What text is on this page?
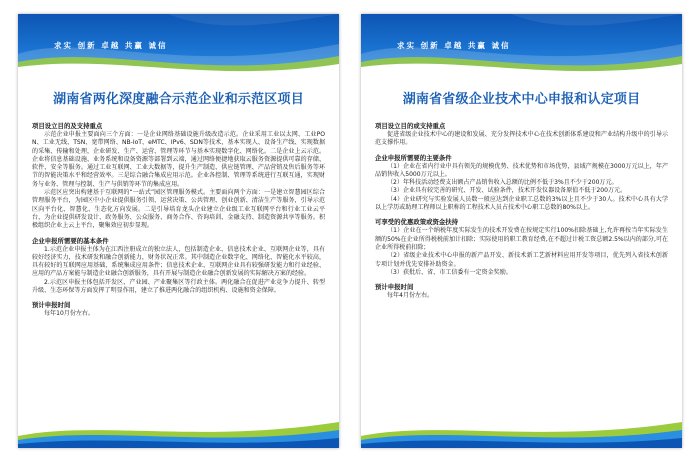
求实 创新 卓越 共赢 诚信
湖南省两化深度融合示范企业和示范区项目
项目设立目的及支持重点

示范企业申报主要面向三个方面：一是企业网络基础设施升级改造示范。企业采用工业以太网、工业PON、工业无线、TSN、宽带网络、NB-IoT、eMTC、IPv6、SDN等技术，基本实现人、设备生产线、实现数据的采集、传输和处理，企业研发、生产、运营、管理等环节与基本实现数字化、网络化。二是企业上云示范。企业将信息基础设施、业务系统和设备资源等部署到云端，通过网络便捷地获取云服务资源提供可靠的存储、软件、安全等服务。通过工业互联网、工业大数据等，提升生产制造、供应链管理、产品营销及售后服务等环节的智能决策水平和经营效率。三是综合融合集成应用示范。企业各控制、管理等系统进行互联互通，实现财务与业务、管理与控制、生产与供销等环节的集成应用。

示范区应突出构建基于互联网的“一站式”园区管理服务模式。主要面向两个方面：一是建立智慧园区综合管理服务平台，为园区中小企业提供服务引领、运营决策、公共管理、创业创新、清洁生产等服务，引导示范区向平台化、智慧化、生态化方向发展。二是引导培育龙头企业建立企业级工业互联网平台和行业工业云平台，为企业提供研发设计、政务服务、公众服务、商务合作、咨询培训、金融支持、制造资源共享等服务。积极组织企业上云上平台，聚集效应初步显现。

企业申报所需要的基本条件

1.示范企业申报主体为在江西注册成立的独立法人，包括制造企业、信息技术企业、互联网企业等，具有较好经济实力，技术研发和融合创新能力，财务状况正常。其中制造企业数字化、网络化、智能化水平较高，具有较好的互联网应用基础，系统集成应用条件；信息技术企业、互联网企业具有较强研发能力和行业经验、应用的产品方案能与制造企业融合创新服务，具有开展与制造企业融合创新发展的实际解决方案的经验。

2.示范区申报主体包括开发区、产业园、产业聚集区等行政主体。两化融合在促进产业竞争力提升、转型升级、生态环保等方面发挥了明显作用，建立了推进两化融合的组织机构、设施和资金保障。

预计申报时间

每年10月份左右。

求实 创新 卓越 共赢 诚信
湖南省省级企业技术中心申报和认定项目
项目设立目的或支持重点

促进省级企业技术中心的建设和发展、充分发挥技术中心在技术创新体系建设和产业结构升级中的引导示范支撑作用。

企业申报所需要的主要条件

（1）企业在省内行业中具有领先的规模优势、技术优势和市场优势，县域产规模在3000万元以上，年产品销售收入5000万元以上。

（2）年科技活动经费支出额占产品销售收入总额的比例不低于3%且不少于200万元。

（3）企业具有较完善的研究、开发、试验条件，技术开发仪器设备原值不低于200万元。

（4）企业研究与实验发展人员数一般应达到企业职工总数的3%以上且不少于30人。技术中心具有大学以上学历或助理工程师以上职称的工程技术人员占技术中心职工总数的80%以上。

可享受的优惠政策或资金扶持

（1）企业在一个纳税年度实际发生的技术开发费在按规定实行100%扣除基础上,允许再按当年实际发生额的50%在企业所得税税前加计扣除；实际使用的职工教育经费,在不超过计税工资总额2.5%以内的部分,可在企业所得税前扣除；

（2）省级企业技术中心申报的新产品开发、新技术新工艺新材料应用开发等项目，优先列入省技术创新专项计划并优先安排补助资金。

（3）获批后、省、市工信委有一定资金奖励。

预计申报时间

每年4月份左右。
